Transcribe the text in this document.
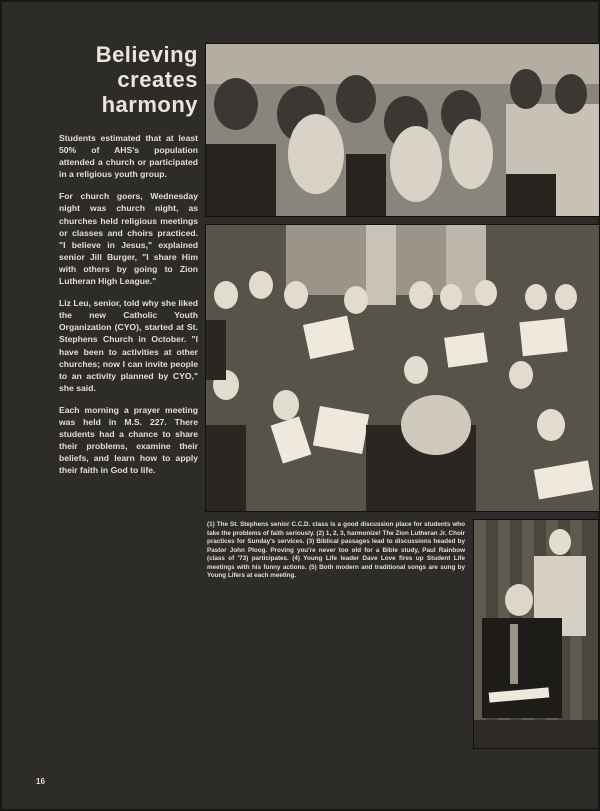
Believing
creates
harmony

Students estimated that at least 50% of AHS's population attended a church or participated in a religious youth group.

For church goers, Wednesday night was church night, as churches held religious meetings or classes and choirs practiced. "I believe in Jesus," explained senior Jill Burger, "I share Him with others by going to Zion Lutheran High League."

Liz Leu, senior, told why she liked the new Catholic Youth Organization (CYO), started at St. Stephens Church in October. "I have been to activities at other churches; now I can invite people to an activity planned by CYO," she said.

Each morning a prayer meeting was held in M.S. 227. There students had a chance to share their problems, examine their beliefs, and learn how to apply their faith in God to life.

(1) The St. Stephens senior C.C.D. class is a good discussion place for students who take the problems of faith seriously. (2) 1, 2, 3, harmonize! The Zion Lutheran Jr. Choir practices for Sunday's services. (3) Biblical passages lead to discussions headed by Pastor John Ploog. Proving you're never too old for a Bible study, Paul Rainbow (class of '73) participates. (4) Young Life leader Dave Love fires up Student Life meetings with his funny actions. (5) Both modern and traditional songs are sung by Young Lifers at each meeting.
16
